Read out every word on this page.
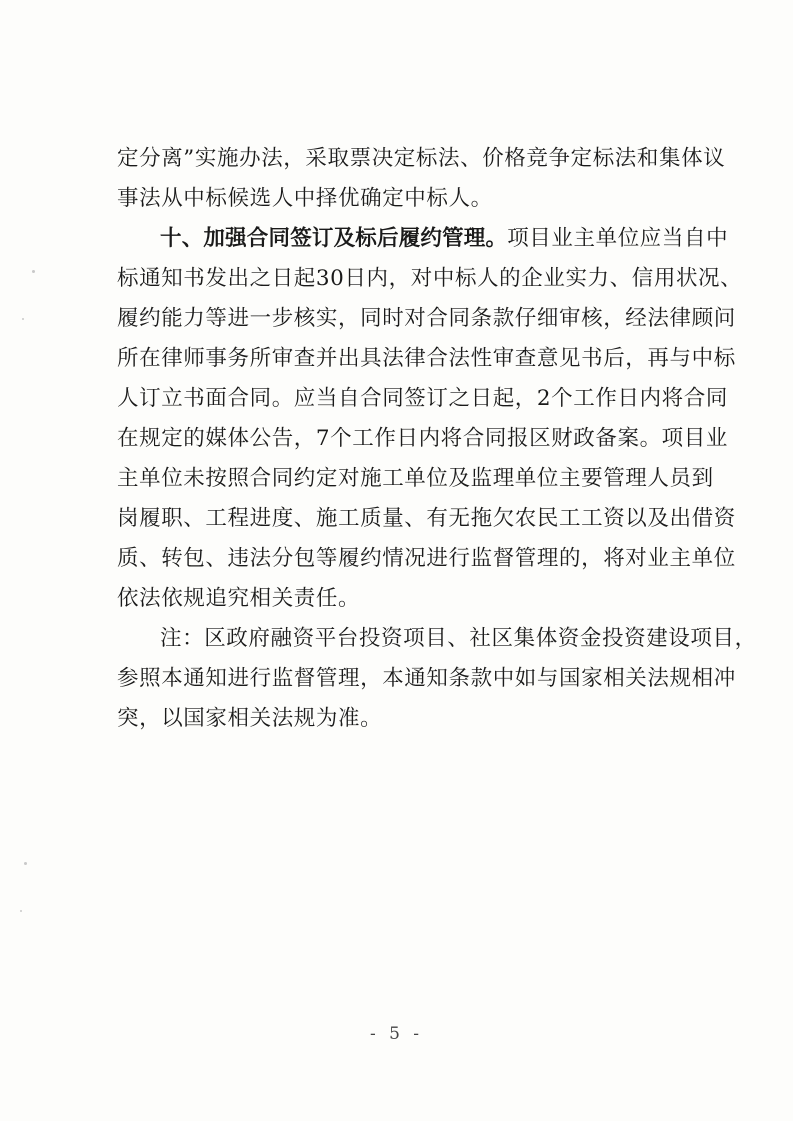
定分离”实施办法，采取票决定标法、价格竞争定标法和集体议
事法从中标候选人中择优确定中标人。
十、加强合同签订及标后履约管理。项目业主单位应当自中
标通知书发出之日起30日内，对中标人的企业实力、信用状况、
履约能力等进一步核实，同时对合同条款仔细审核，经法律顾问
所在律师事务所审查并出具法律合法性审查意见书后，再与中标
人订立书面合同。应当自合同签订之日起，2个工作日内将合同
在规定的媒体公告，7个工作日内将合同报区财政备案。项目业
主单位未按照合同约定对施工单位及监理单位主要管理人员到
岗履职、工程进度、施工质量、有无拖欠农民工工资以及出借资
质、转包、违法分包等履约情况进行监督管理的，将对业主单位
依法依规追究相关责任。
注：区政府融资平台投资项目、社区集体资金投资建设项目，
参照本通知进行监督管理，本通知条款中如与国家相关法规相冲
突，以国家相关法规为准。
- 5 -
